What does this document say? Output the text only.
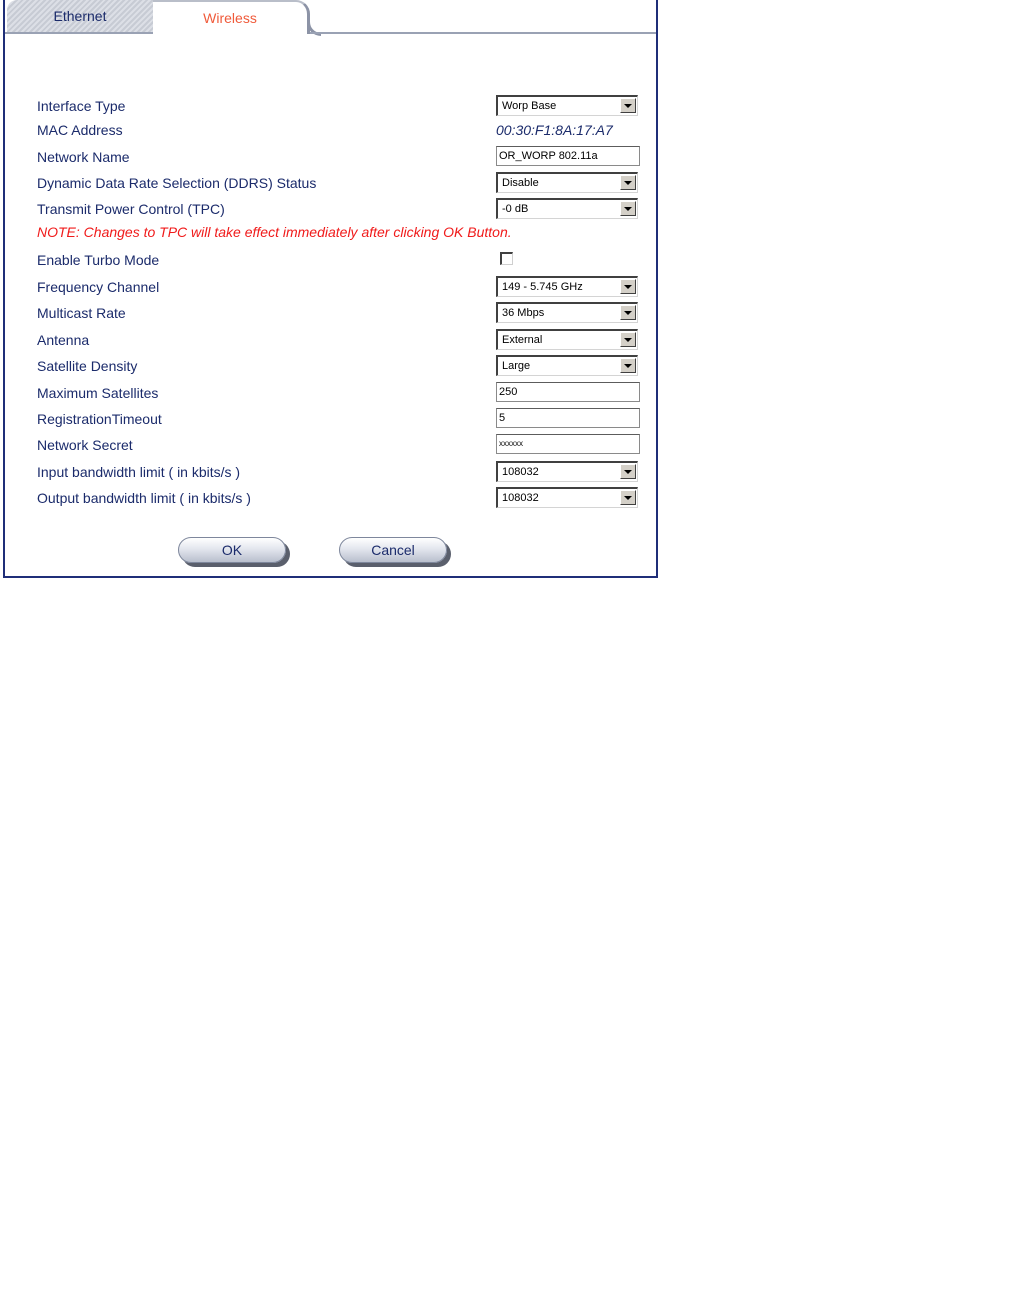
Ethernet	Wireless
Interface Type	Worp Base
MAC Address	00:30:F1:8A:17:A7
Network Name	OR_WORP 802.11a
Dynamic Data Rate Selection (DDRS) Status	Disable
Transmit Power Control (TPC)	-0 dB
NOTE: Changes to TPC will take effect immediately after clicking OK Button.
Enable Turbo Mode
Frequency Channel	149 - 5.745 GHz
Multicast Rate	36 Mbps
Antenna	External
Satellite Density	Large
Maximum Satellites	250
RegistrationTimeout	5
Network Secret	xxxxxx
Input bandwidth limit ( in kbits/s )	108032
Output bandwidth limit ( in kbits/s )	108032
OK	Cancel
